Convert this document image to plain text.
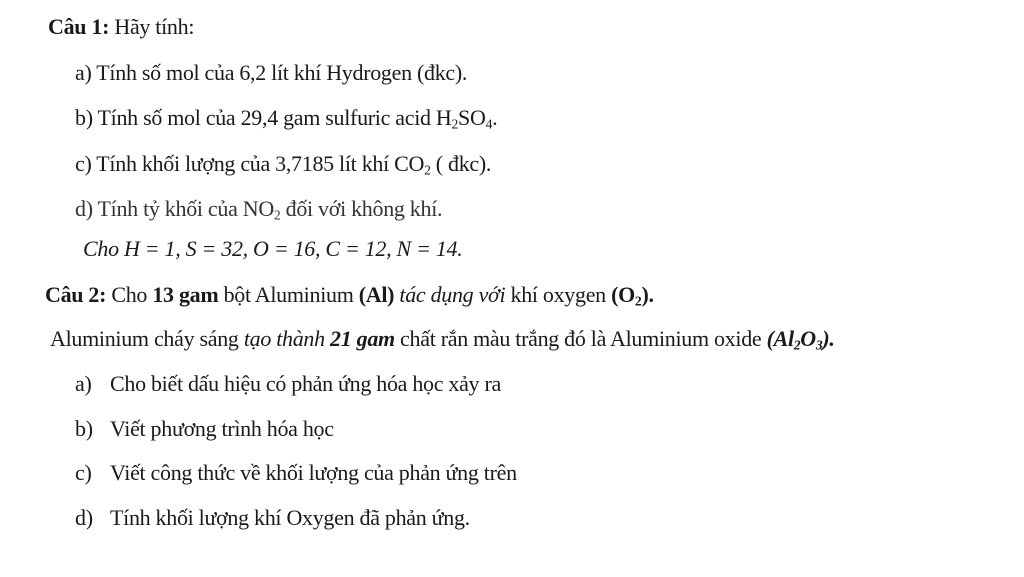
Câu 1: Hãy tính:
a) Tính số mol của 6,2 lít khí Hydrogen (đkc).
b) Tính số mol của 29,4 gam sulfuric acid $H_2SO_4$.
c) Tính khối lượng của 3,7185 lít khí $CO_2$ ( đkc).
d) Tính tỷ khối của $NO_2$ đối với không khí.
Cho H = 1, S = 32, O = 16, C = 12, N = 14.
Câu 2: Cho 13 gam bột Aluminium (Al) tác dụng với khí oxygen $(O_2)$.
Aluminium cháy sáng tạo thành 21 gam chất rắn màu trắng đó là Aluminium oxide $(Al_2O_3)$.
a) Cho biết dấu hiệu có phản ứng hóa học xảy ra
b) Viết phương trình hóa học
c) Viết công thức về khối lượng của phản ứng trên
d) Tính khối lượng khí Oxygen đã phản ứng.
